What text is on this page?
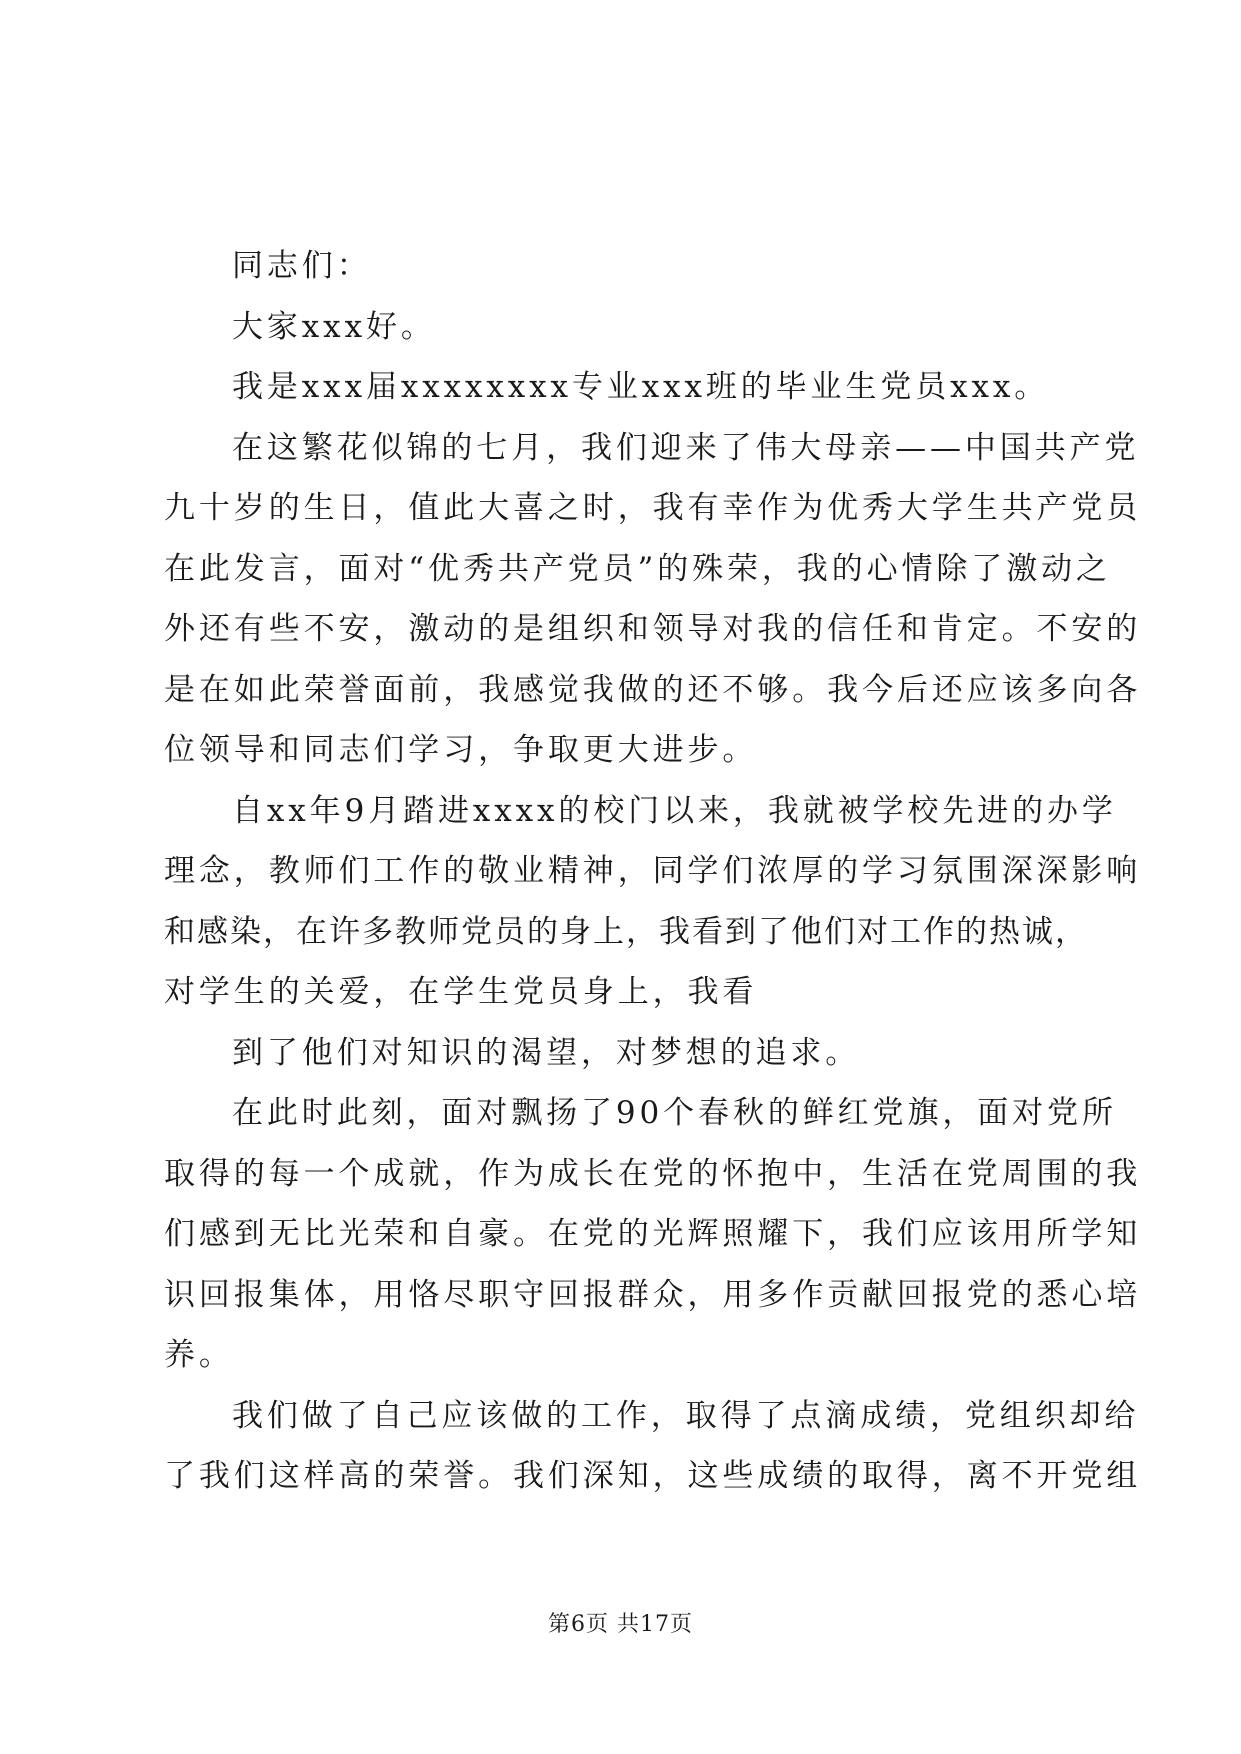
同志们：
大家xxx好。
我是xxx届xxxxxxxx专业xxx班的毕业生党员xxx。
在这繁花似锦的七月，我们迎来了伟大母亲——中国共产党
九十岁的生日，值此大喜之时，我有幸作为优秀大学生共产党员
在此发言，面对“优秀共产党员”的殊荣，我的心情除了激动之
外还有些不安，激动的是组织和领导对我的信任和肯定。不安的
是在如此荣誉面前，我感觉我做的还不够。我今后还应该多向各
位领导和同志们学习，争取更大进步。
自xx年9月踏进xxxx的校门以来，我就被学校先进的办学
理念，教师们工作的敬业精神，同学们浓厚的学习氛围深深影响
和感染，在许多教师党员的身上，我看到了他们对工作的热诚，
对学生的关爱，在学生党员身上，我看
到了他们对知识的渴望，对梦想的追求。
在此时此刻，面对飘扬了90个春秋的鲜红党旗，面对党所
取得的每一个成就，作为成长在党的怀抱中，生活在党周围的我
们感到无比光荣和自豪。在党的光辉照耀下，我们应该用所学知
识回报集体，用恪尽职守回报群众，用多作贡献回报党的悉心培
养。
我们做了自己应该做的工作，取得了点滴成绩，党组织却给
了我们这样高的荣誉。我们深知，这些成绩的取得，离不开党组
第6页 共17页
